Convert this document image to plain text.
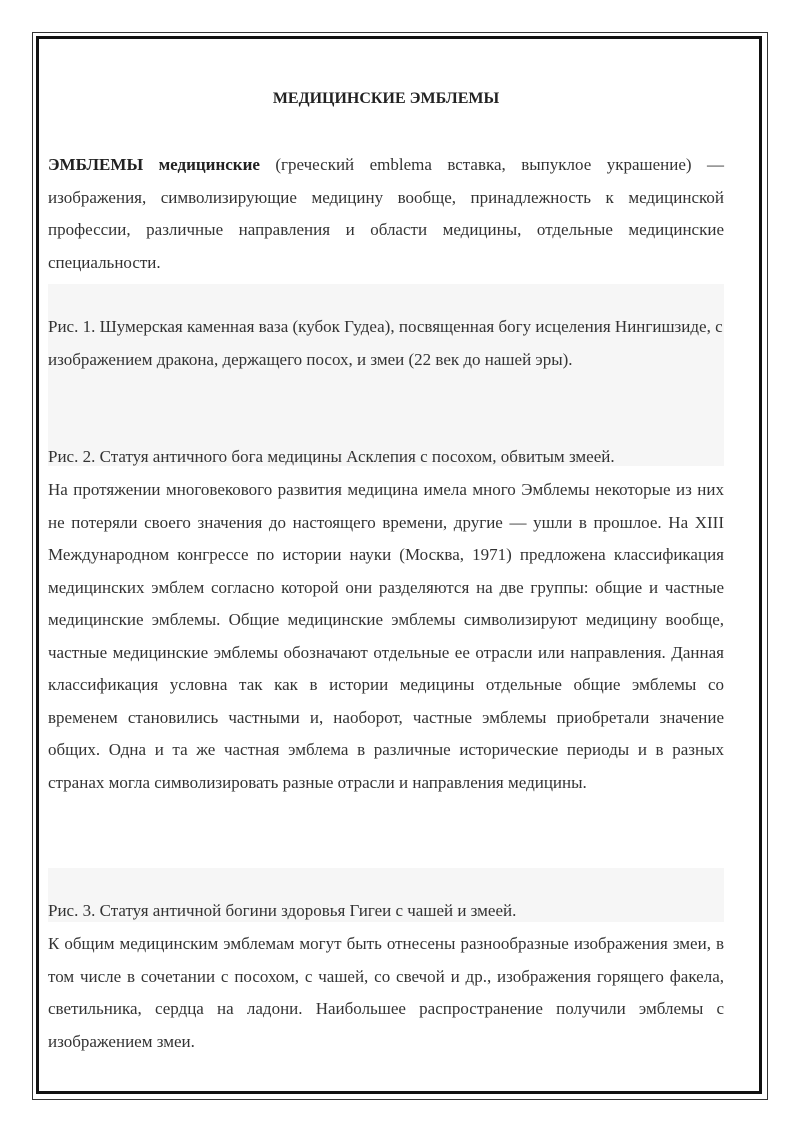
МЕДИЦИНСКИЕ ЭМБЛЕМЫ
ЭМБЛЕМЫ медицинские (греческий emblema вставка, выпуклое украшение) — изображения, символизирующие медицину вообще, принадлежность к медицинской профессии, различные направления и области медицины, отдельные медицинские специальности.
Рис. 1. Шумерская каменная ваза (кубок Гудеа), посвященная богу исцеления Нингишзиде, с изображением дракона, держащего посох, и змеи (22 век до нашей эры).
Рис. 2. Статуя античного бога медицины Асклепия с посохом, обвитым змеей.
На протяжении многовекового развития медицина имела много Эмблемы некоторые из них не потеряли своего значения до настоящего времени, другие — ушли в прошлое. На XIII Международном конгрессе по истории науки (Москва, 1971) предложена классификация медицинских эмблем согласно которой они разделяются на две группы: общие и частные медицинские эмблемы. Общие медицинские эмблемы символизируют медицину вообще, частные медицинские эмблемы обозначают отдельные ее отрасли или направления. Данная классификация условна так как в истории медицины отдельные общие эмблемы со временем становились частными и, наоборот, частные эмблемы приобретали значение общих. Одна и та же частная эмблема в различные исторические периоды и в разных странах могла символизировать разные отрасли и направления медицины.
Рис. 3. Статуя античной богини здоровья Гигеи с чашей и змеей.
К общим медицинским эмблемам могут быть отнесены разнообразные изображения змеи, в том числе в сочетании с посохом, с чашей, со свечой и др., изображения горящего факела, светильника, сердца на ладони. Наибольшее распространение получили эмблемы с изображением змеи.
